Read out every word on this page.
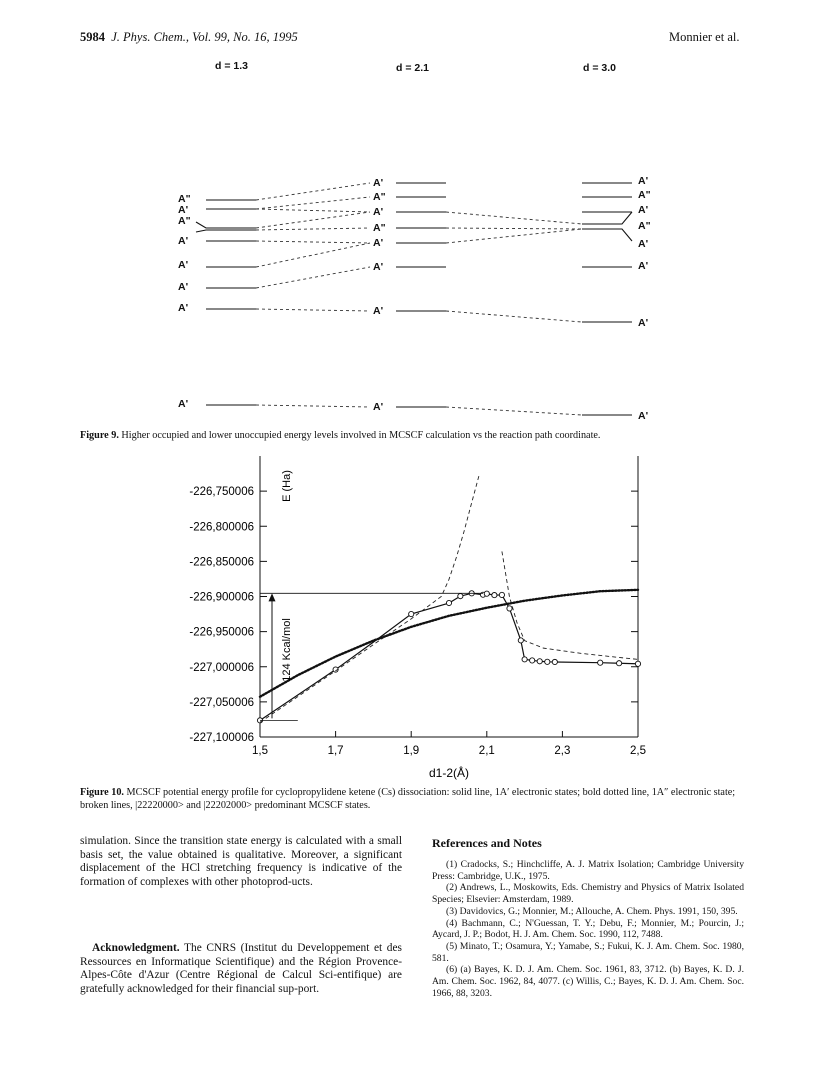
5984 J. Phys. Chem., Vol. 99, No. 16, 1995	Monnier et al.
d = 1.3	d = 2.1	d = 3.0
A"
A'
A"
A'
A'
A'
A'
A'
A'
A"
A'
A"
A'
A'
A'
A'
A'
A"
A'
A"
A'
A'
A'
A'
Figure 9. Higher occupied and lower unoccupied energy levels involved in MCSCF calculation vs the reaction path coordinate.
-226,750006
-226,800006
-226,850006
-226,900006
-226,950006
-227,000006
-227,050006
-227,100006
E (Ha)
1,5	1,7	1,9	2,1	2,3	2,5
d1-2(Å)
124 Kcal/mol
Figure 10. MCSCF potential energy profile for cyclopropylidene ketene (Cs) dissociation: solid line, 1A′ electronic states; bold dotted line, 1A″ electronic state; broken lines, |22220000> and |22202000> predominant MCSCF states.
simulation. Since the transition state energy is calculated with a small basis set, the value obtained is qualitative. Moreover, a significant displacement of the HCl stretching frequency is indicative of the formation of complexes with other photoprod-ucts.
Acknowledgment. The CNRS (Institut du Developpement et des Ressources en Informatique Scientifique) and the Région Provence-Alpes-Côte d'Azur (Centre Régional de Calcul Sci-entifique) are gratefully acknowledged for their financial sup-port.
References and Notes

(1) Cradocks, S.; Hinchcliffe, A. J. Matrix Isolation; Cambridge University Press: Cambridge, U.K., 1975.

(2) Andrews, L., Moskowits, Eds. Chemistry and Physics of Matrix Isolated Species; Elsevier: Amsterdam, 1989.

(3) Davidovics, G.; Monnier, M.; Allouche, A. Chem. Phys. 1991, 150, 395.

(4) Bachmann, C.; N'Guessan, T. Y.; Debu, F.; Monnier, M.; Pourcin, J.; Aycard, J. P.; Bodot, H. J. Am. Chem. Soc. 1990, 112, 7488.

(5) Minato, T.; Osamura, Y.; Yamabe, S.; Fukui, K. J. Am. Chem. Soc. 1980, 581.

(6) (a) Bayes, K. D. J. Am. Chem. Soc. 1961, 83, 3712. (b) Bayes, K. D. J. Am. Chem. Soc. 1962, 84, 4077. (c) Willis, C.; Bayes, K. D. J. Am. Chem. Soc. 1966, 88, 3203.
